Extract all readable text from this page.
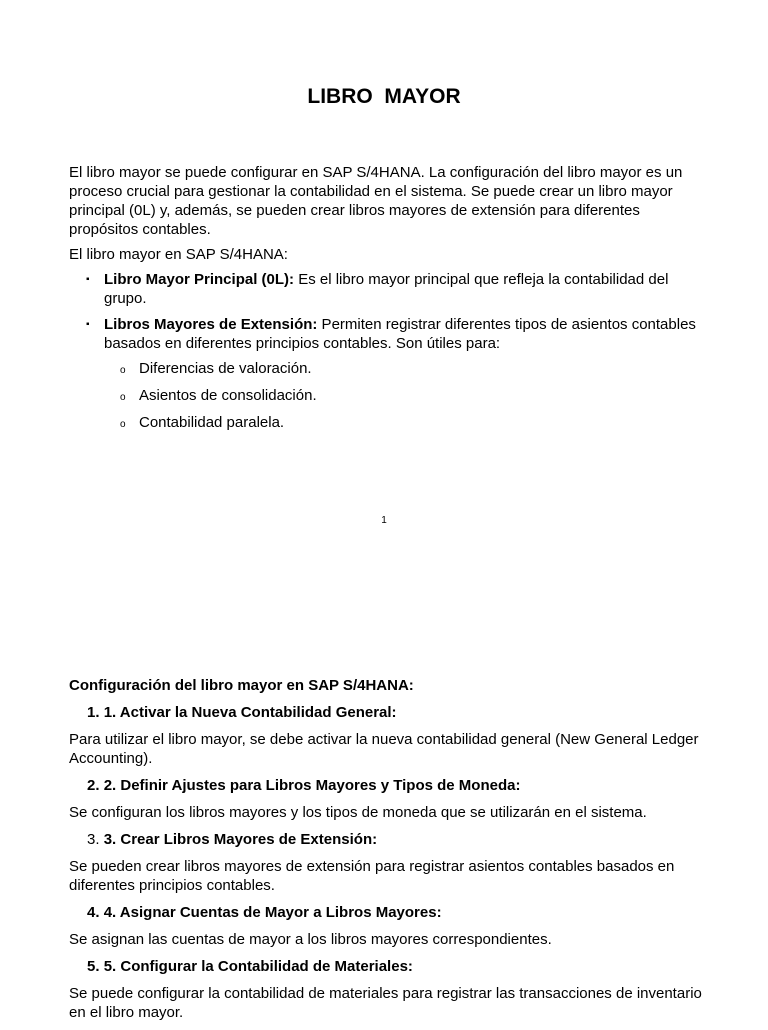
LIBRO  MAYOR

El libro mayor se puede configurar en SAP S/4HANA. La configuración del libro mayor es un proceso crucial para gestionar la contabilidad en el sistema. Se puede crear un libro mayor principal (0L) y, además, se pueden crear libros mayores de extensión para diferentes propósitos contables.

El libro mayor en SAP S/4HANA:

▪ Libro Mayor Principal (0L): Es el libro mayor principal que refleja la contabilidad del grupo.
▪ Libros Mayores de Extensión: Permiten registrar diferentes tipos de asientos contables basados en diferentes principios contables. Son útiles para:
o Diferencias de valoración.
o Asientos de consolidación.
o Contabilidad paralela.
1

Configuración del libro mayor en SAP S/4HANA:

1. 1. Activar la Nueva Contabilidad General:

Para utilizar el libro mayor, se debe activar la nueva contabilidad general (New General Ledger Accounting).

2. 2. Definir Ajustes para Libros Mayores y Tipos de Moneda:

Se configuran los libros mayores y los tipos de moneda que se utilizarán en el sistema.

3. 3. Crear Libros Mayores de Extensión:

Se pueden crear libros mayores de extensión para registrar asientos contables basados en diferentes principios contables.

4. 4. Asignar Cuentas de Mayor a Libros Mayores:

Se asignan las cuentas de mayor a los libros mayores correspondientes.

5. 5. Configurar la Contabilidad de Materiales:

Se puede configurar la contabilidad de materiales para registrar las transacciones de inventario en el libro mayor.
